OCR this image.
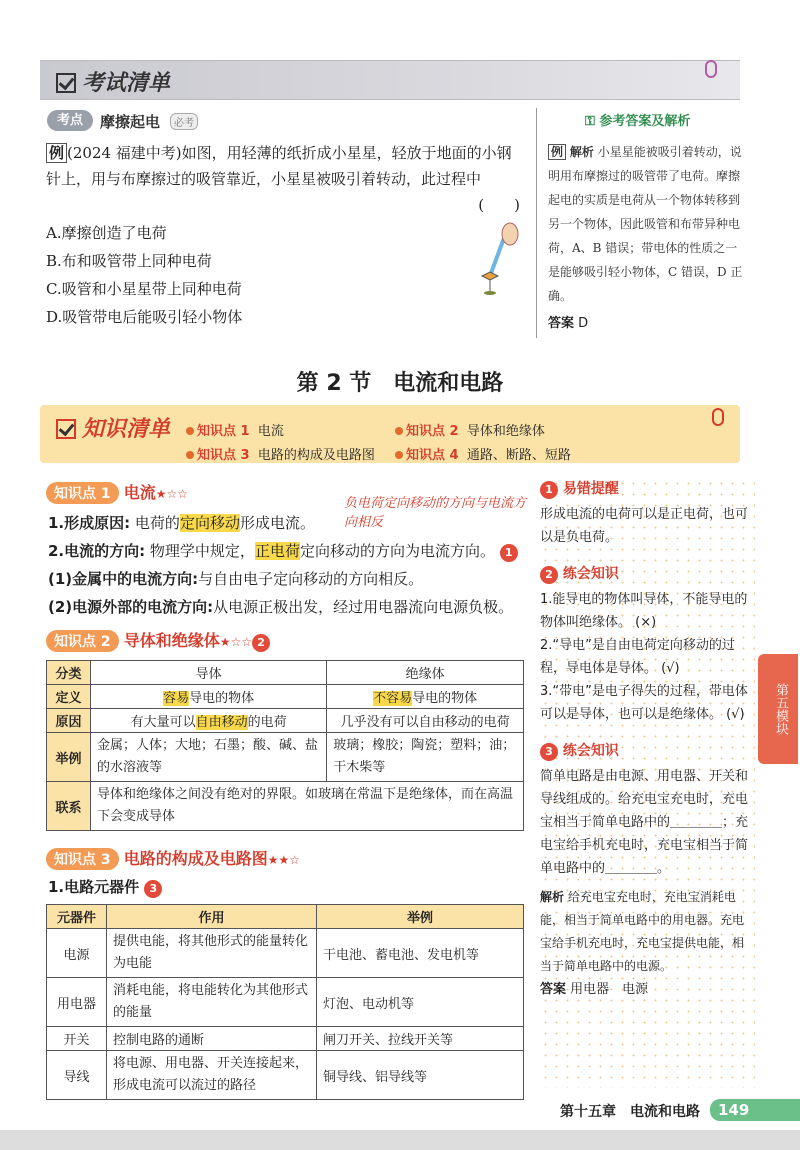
考试清单
考点	摩擦起电	必考
例 (2024 福建中考)如图，用轻薄的纸折成小星星，轻放于地面的小钢针上，用与布摩擦过的吸管靠近，小星星被吸引着转动，此过程中
(　　)
A.摩擦创造了电荷
B.布和吸管带上同种电荷
C.吸管和小星星带上同种电荷
D.吸管带电后能吸引轻小物体
⚿ 参考答案及解析
例 解析 小星星能被吸引着转动，说明用布摩擦过的吸管带了电荷。摩擦起电的实质是电荷从一个物体转移到另一个物体，因此吸管和布带异种电荷，A、B 错误；带电体的性质之一是能够吸引轻小物体，C 错误，D 正确。
答案 D
第 2 节　电流和电路
知识清单	知识点 1 电流	知识点 2 导体和绝缘体
知识点 3 电路的构成及电路图	知识点 4 通路、断路、短路
知识点 1 电流★☆☆
1.形成原因: 电荷的定向移动形成电流。
2.电流的方向: 物理学中规定，正电荷定向移动的方向为电流方向。 1
(1)金属中的电流方向:与自由电子定向移动的方向相反。
(2)电源外部的电流方向:从电源正极出发，经过用电器流向电源负极。
负电荷定向移动的方向与电流方向相反
知识点 2 导体和绝缘体★☆☆ 2
分类	导体	绝缘体
定义	容易导电的物体	不容易导电的物体
原因	有大量可以自由移动的电荷	几乎没有可以自由移动的电荷
举例	金属；人体；大地；石墨；酸、碱、盐的水溶液等	玻璃；橡胶；陶瓷；塑料；油；干木柴等
联系	导体和绝缘体之间没有绝对的界限。如玻璃在常温下是绝缘体，而在高温下会变成导体	
知识点 3 电路的构成及电路图★★☆
1.电路元器件 3
元器件	作用	举例
电源	提供电能，将其他形式的能量转化为电能	干电池、蓄电池、发电机等
用电器	消耗电能，将电能转化为其他形式的能量	灯泡、电动机等
开关	控制电路的通断	闸刀开关、拉线开关等
导线	将电源、用电器、开关连接起来，形成电流可以流过的路径	铜导线、铝导线等
1 易错提醒
形成电流的电荷可以是正电荷，也可以是负电荷。
2 练会知识
1.能导电的物体叫导体，不能导电的物体叫绝缘体。 (×)
2.“导电”是自由电荷定向移动的过程，导电体是导体。 (√)
3.“带电”是电子得失的过程，带电体可以是导体，也可以是绝缘体。 (√)
3 练会知识
简单电路是由电源、用电器、开关和导线组成的。给充电宝充电时，充电宝相当于简单电路中的＿＿＿＿；充电宝给手机充电时，充电宝相当于简单电路中的＿＿＿＿。
解析 给充电宝充电时，充电宝消耗电能，相当于简单电路中的用电器。充电宝给手机充电时，充电宝提供电能，相当于简单电路中的电源。
答案 用电器　电源
第五模块
第十五章　电流和电路	149
